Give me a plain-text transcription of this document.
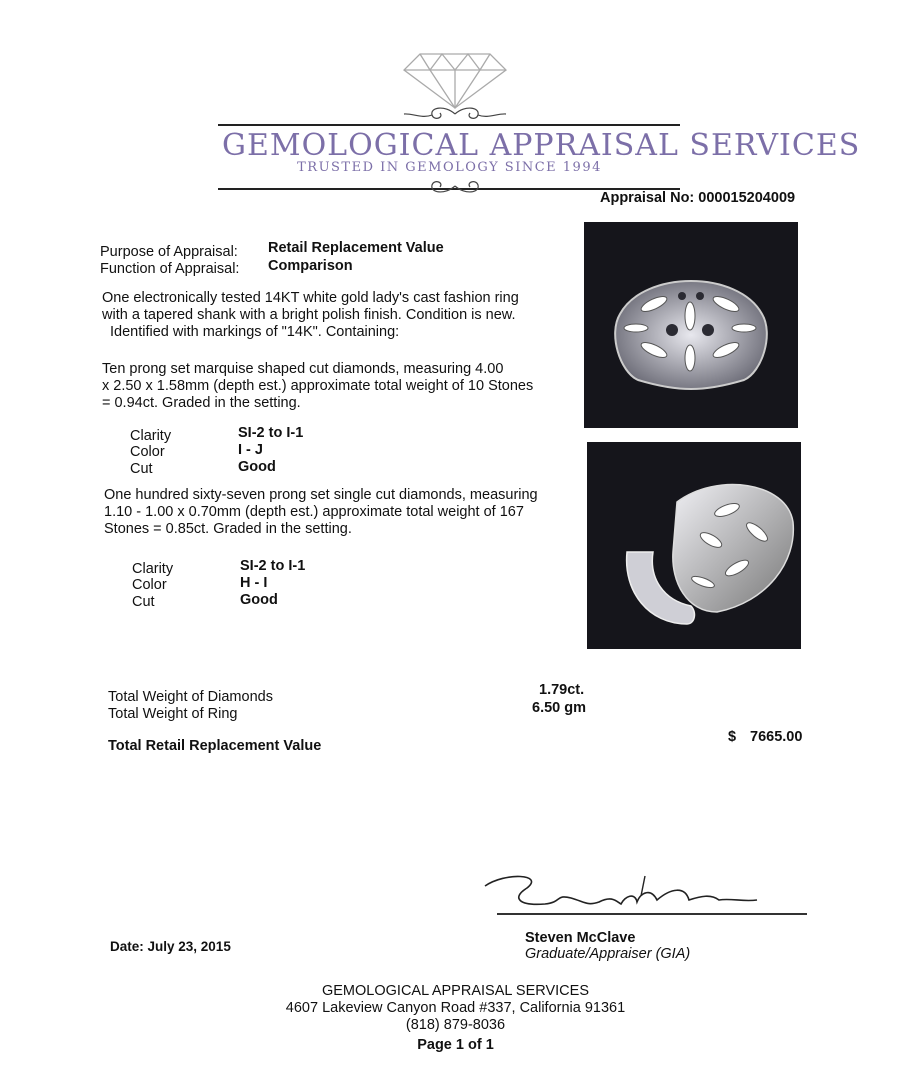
GEMOLOGICAL APPRAISAL SERVICES
TRUSTED IN GEMOLOGY SINCE 1994
Appraisal No: 000015204009
Purpose of Appraisal: Retail Replacement Value
Function of Appraisal: Comparison
One electronically tested 14KT white gold lady's cast fashion ring
with a tapered shank with a bright polish finish. Condition is new.
Identified with markings of "14K". Containing:
Ten prong set marquise shaped cut diamonds, measuring 4.00
x 2.50 x 1.58mm (depth est.) approximate total weight of 10 Stones
= 0.94ct. Graded in the setting.
Clarity	SI-2 to I-1
Color	I - J
Cut	Good
One hundred sixty-seven prong set single cut diamonds, measuring
1.10 - 1.00 x 0.70mm (depth est.) approximate total weight of 167
Stones = 0.85ct. Graded in the setting.
Clarity	SI-2 to I-1
Color	H - I
Cut	Good
Total Weight of Diamonds	1.79ct.
Total Weight of Ring	6.50 gm
Total Retail Replacement Value
$ 7665.00
Steven McClave
Graduate/Appraiser (GIA)
Date: July 23, 2015
GEMOLOGICAL APPRAISAL SERVICES
4607 Lakeview Canyon Road #337, California 91361
(818) 879-8036
Page 1 of 1
